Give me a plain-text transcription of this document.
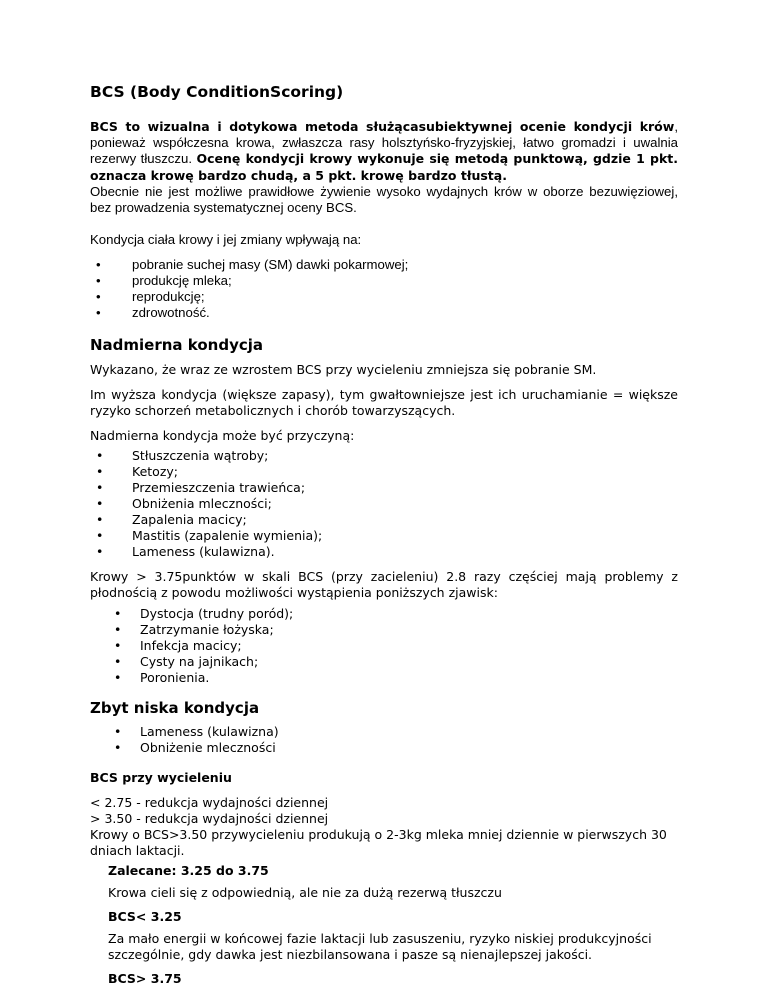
BCS (Body ConditionScoring)

BCS to wizualna i dotykowa metoda służącasubiektywnej ocenie kondycji krów, ponieważ współczesna krowa, zwłaszcza rasy holsztyńsko-fryzyjskiej, łatwo gromadzi i uwalnia rezerwy tłuszczu. Ocenę kondycji krowy wykonuje się metodą punktową, gdzie 1 pkt. oznacza krowę bardzo chudą, a 5 pkt. krowę bardzo tłustą.
Obecnie nie jest możliwe prawidłowe żywienie wysoko wydajnych krów w oborze bezuwięziowej, bez prowadzenia systematycznej oceny BCS.

Kondycja ciała krowy i jej zmiany wpływają na:
• pobranie suchej masy (SM) dawki pokarmowej;
• produkcję mleka;
• reprodukcję;
• zdrowotność.
Nadmierna kondycja

Wykazano, że wraz ze wzrostem BCS przy wycieleniu zmniejsza się pobranie SM.

Im wyższa kondycja (większe zapasy), tym gwałtowniejsze jest ich uruchamianie = większe ryzyko schorzeń metabolicznych i chorób towarzyszących.

Nadmierna kondycja może być przyczyną:

• Stłuszczenia wątroby;
• Ketozy;
• Przemieszczenia trawieńca;
• Obniżenia mleczności;
• Zapalenia macicy;
• Mastitis (zapalenie wymienia);
• Lameness (kulawizna).

Krowy > 3.75punktów w skali BCS (przy zacieleniu) 2.8 razy częściej mają problemy z płodnością z powodu możliwości wystąpienia poniższych zjawisk:

• Dystocja (trudny poród);
• Zatrzymanie łożyska;
• Infekcja macicy;
• Cysty na jajnikach;
• Poronienia.
Zbyt niska kondycja
• Lameness (kulawizna)
• Obniżenie mleczności
BCS przy wycieleniu
< 2.75 - redukcja wydajności dziennej
> 3.50 - redukcja wydajności dziennej

Krowy o BCS>3.50 przywycieleniu produkują o 2-3kg mleka mniej dziennie w pierwszych 30 dniach laktacji.

Zalecane: 3.25 do 3.75

Krowa cieli się z odpowiednią, ale nie za dużą rezerwą tłuszczu

BCS< 3.25

Za mało energii w końcowej fazie laktacji lub zasuszeniu, ryzyko niskiej produkcyjności szczególnie, gdy dawka jest niezbilansowana i pasze są nienajlepszej jakości.

BCS> 3.75
